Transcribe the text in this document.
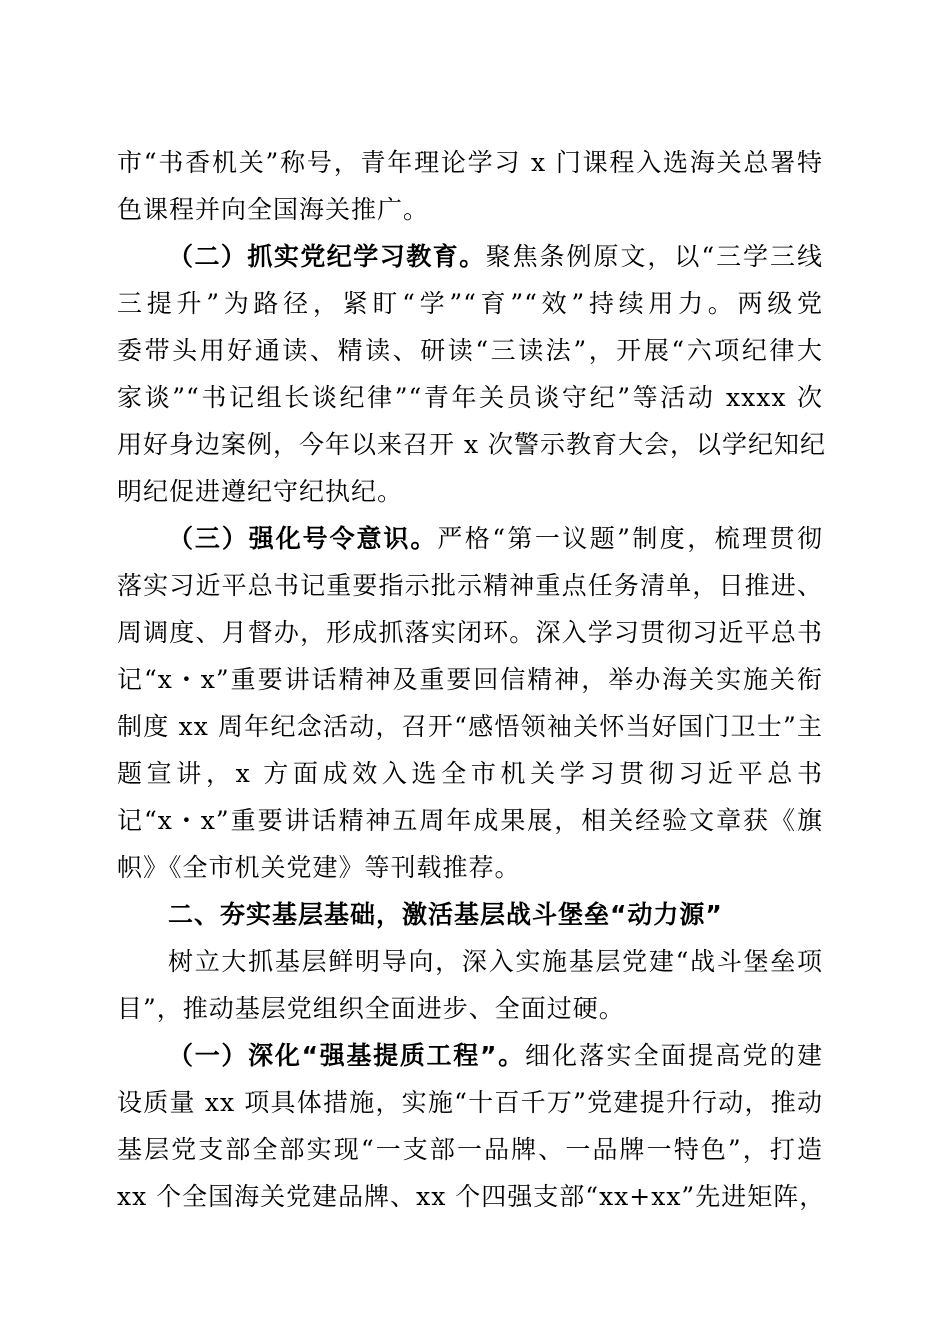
市“书香机关”称号，青年理论学习 x 门课程入选海关总署特
色课程并向全国海关推广。
（二）抓实党纪学习教育。聚焦条例原文，以“三学三线
三提升”为路径，紧盯“学”“育”“效”持续用力。两级党
委带头用好通读、精读、研读“三读法”，开展“六项纪律大
家谈”“书记组长谈纪律”“青年关员谈守纪”等活动 xxxx 次
用好身边案例，今年以来召开 x 次警示教育大会，以学纪知纪
明纪促进遵纪守纪执纪。
（三）强化号令意识。严格“第一议题”制度，梳理贯彻
落实习近平总书记重要指示批示精神重点任务清单，日推进、
周调度、月督办，形成抓落实闭环。深入学习贯彻习近平总书
记“x・x”重要讲话精神及重要回信精神，举办海关实施关衔
制度 xx 周年纪念活动，召开“感悟领袖关怀当好国门卫士”主
题宣讲，x 方面成效入选全市机关学习贯彻习近平总书
记“x・x”重要讲话精神五周年成果展，相关经验文章获《旗
帜》《全市机关党建》等刊载推荐。
二、夯实基层基础，激活基层战斗堡垒“动力源”
树立大抓基层鲜明导向，深入实施基层党建“战斗堡垒项
目”，推动基层党组织全面进步、全面过硬。
（一）深化“强基提质工程”。细化落实全面提高党的建
设质量 xx 项具体措施，实施“十百千万”党建提升行动，推动
基层党支部全部实现“一支部一品牌、一品牌一特色”，打造
xx 个全国海关党建品牌、xx 个四强支部“xx+xx”先进矩阵，
